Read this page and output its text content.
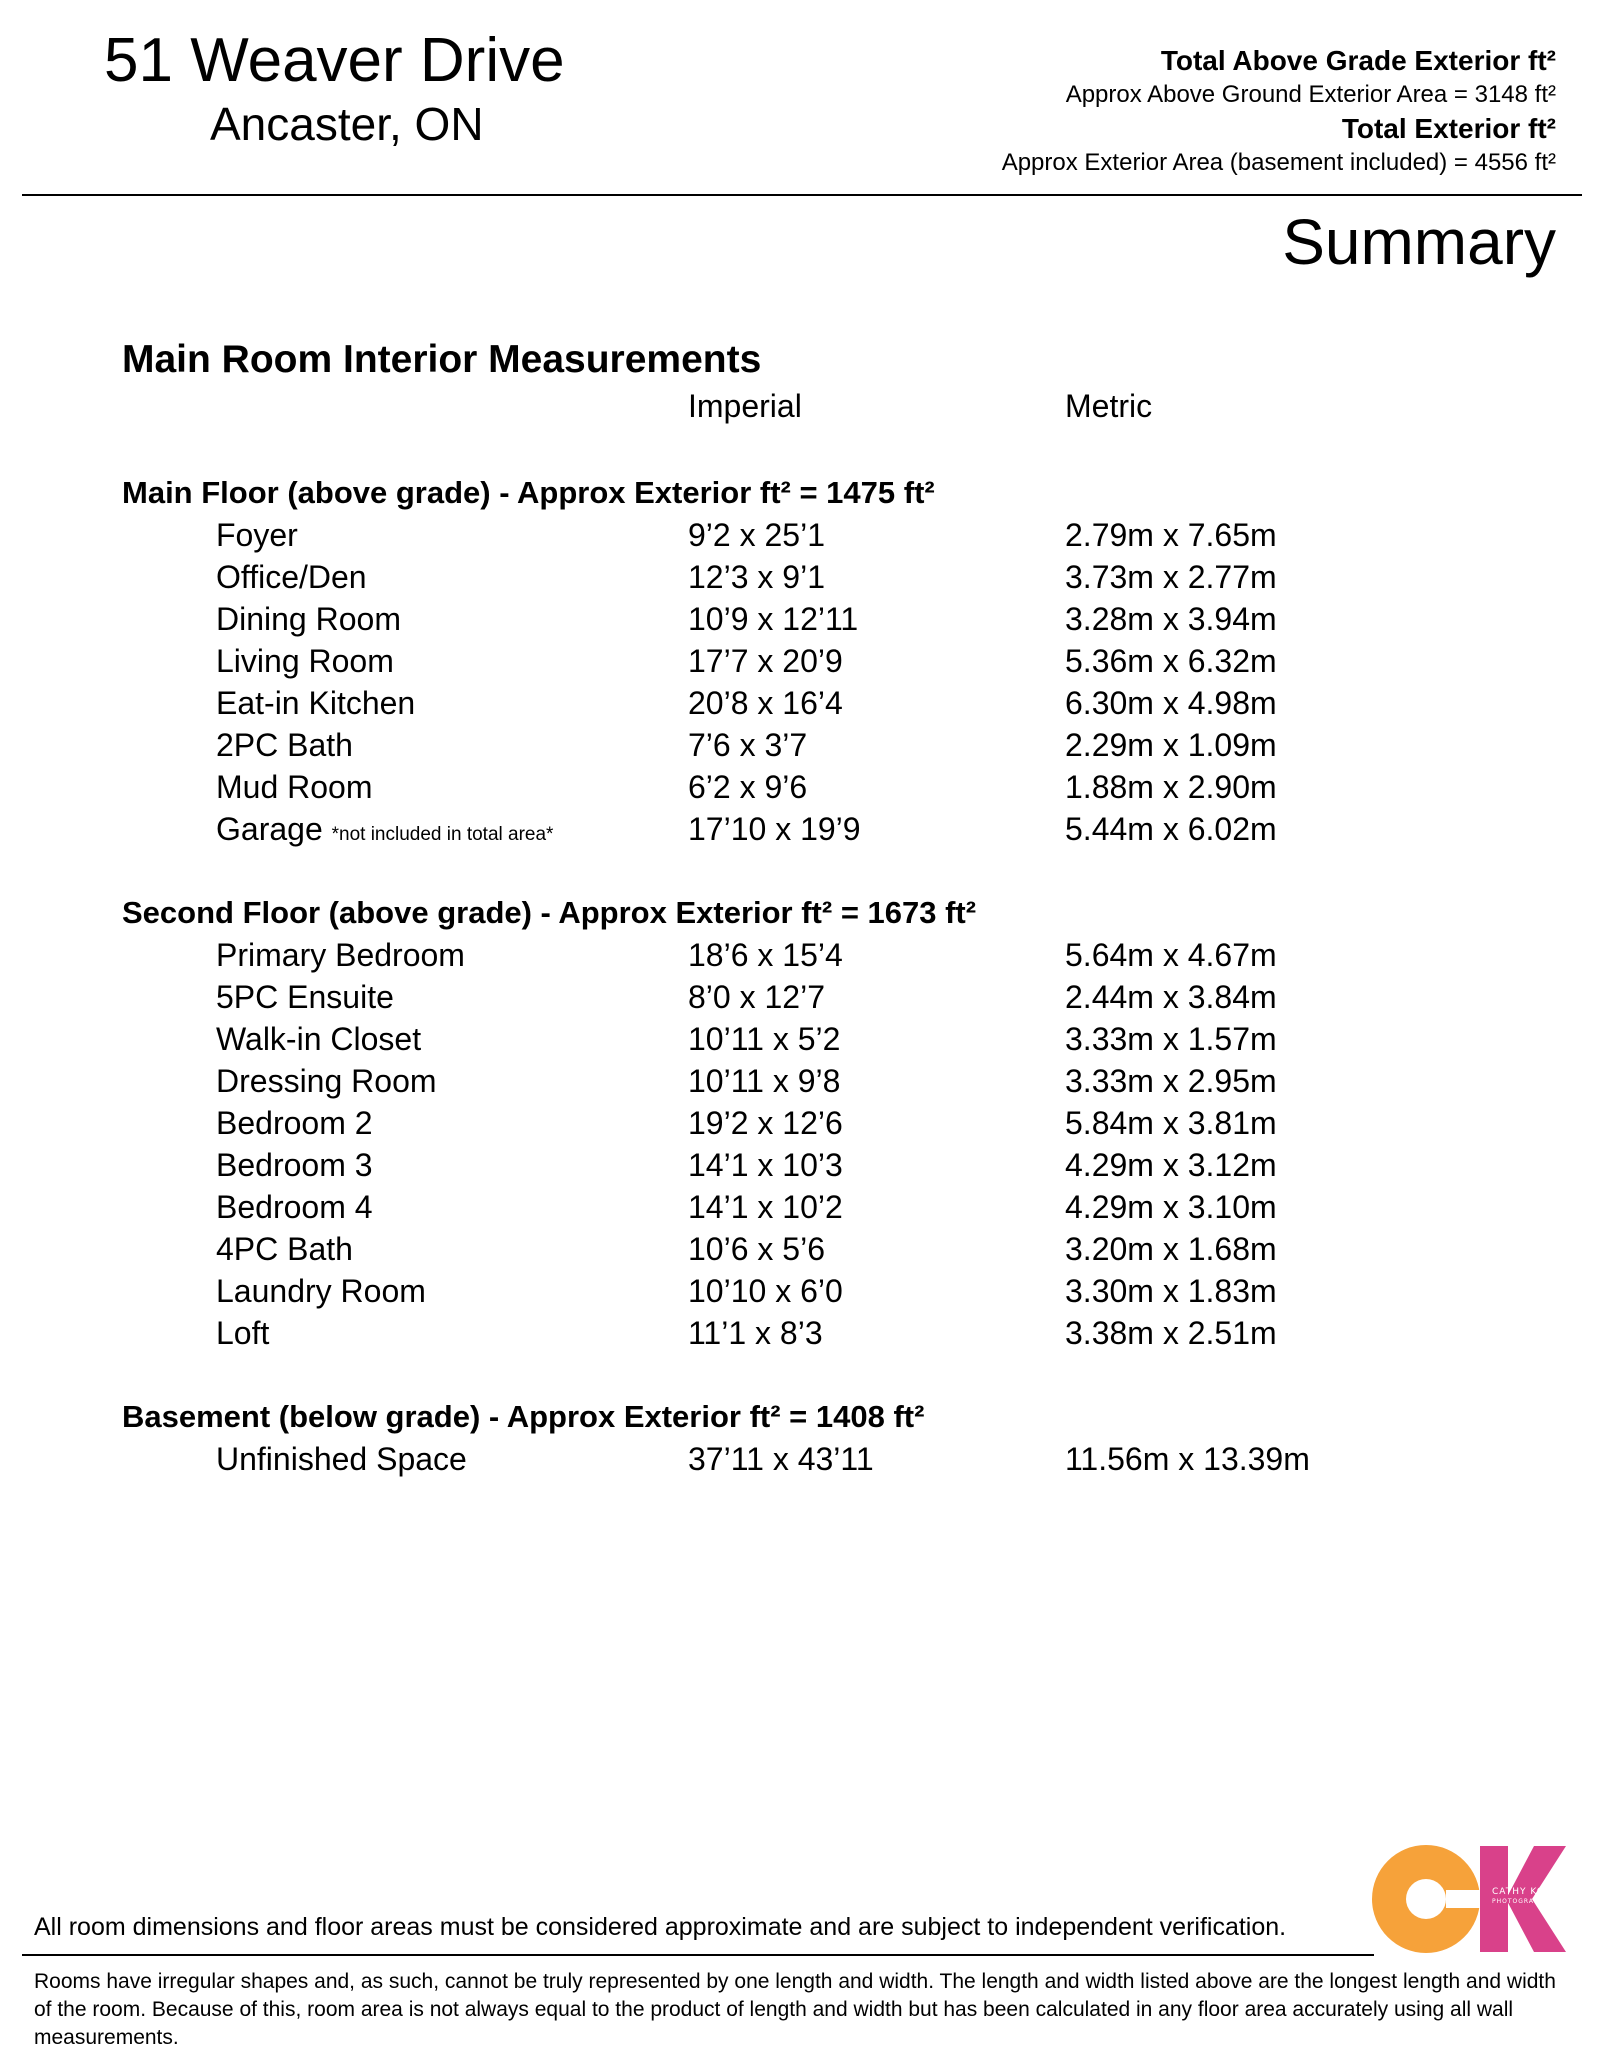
51 Weaver Drive
Ancaster, ON
Total Above Grade Exterior ft²
Approx Above Ground Exterior Area = 3148 ft²
Total Exterior ft²
Approx Exterior Area (basement included) = 4556 ft²
Summary
Main Room Interior Measurements
Imperial	Metric
Main Floor (above grade) - Approx Exterior ft² = 1475 ft²
Foyer	9’2 x 25’1	2.79m x 7.65m
Office/Den	12’3 x 9’1	3.73m x 2.77m
Dining Room	10’9 x 12’11	3.28m x 3.94m
Living Room	17’7 x 20’9	5.36m x 6.32m
Eat-in Kitchen	20’8 x 16’4	6.30m x 4.98m
2PC Bath	7’6 x 3’7	2.29m x 1.09m
Mud Room	6’2 x 9’6	1.88m x 2.90m
Garage *not included in total area*	17’10 x 19’9	5.44m x 6.02m
Second Floor (above grade) - Approx Exterior ft² = 1673 ft²
Primary Bedroom	18’6 x 15’4	5.64m x 4.67m
5PC Ensuite	8’0 x 12’7	2.44m x 3.84m
Walk-in Closet	10’11 x 5’2	3.33m x 1.57m
Dressing Room	10’11 x 9’8	3.33m x 2.95m
Bedroom 2	19’2 x 12’6	5.84m x 3.81m
Bedroom 3	14’1 x 10’3	4.29m x 3.12m
Bedroom 4	14’1 x 10’2	4.29m x 3.10m
4PC Bath	10’6 x 5’6	3.20m x 1.68m
Laundry Room	10’10 x 6’0	3.30m x 1.83m
Loft	11’1 x 8’3	3.38m x 2.51m
Basement (below grade) - Approx Exterior ft² = 1408 ft²
Unfinished Space	37’11 x 43’11	11.56m x 13.39m
CATHY KOOP
PHOTOGRAPHY
All room dimensions and floor areas must be considered approximate and are subject to independent verification.
Rooms have irregular shapes and, as such, cannot be truly represented by one length and width. The length and width listed above are the longest length and width of the room. Because of this, room area is not always equal to the product of length and width but has been calculated in any floor area accurately using all wall measurements.
